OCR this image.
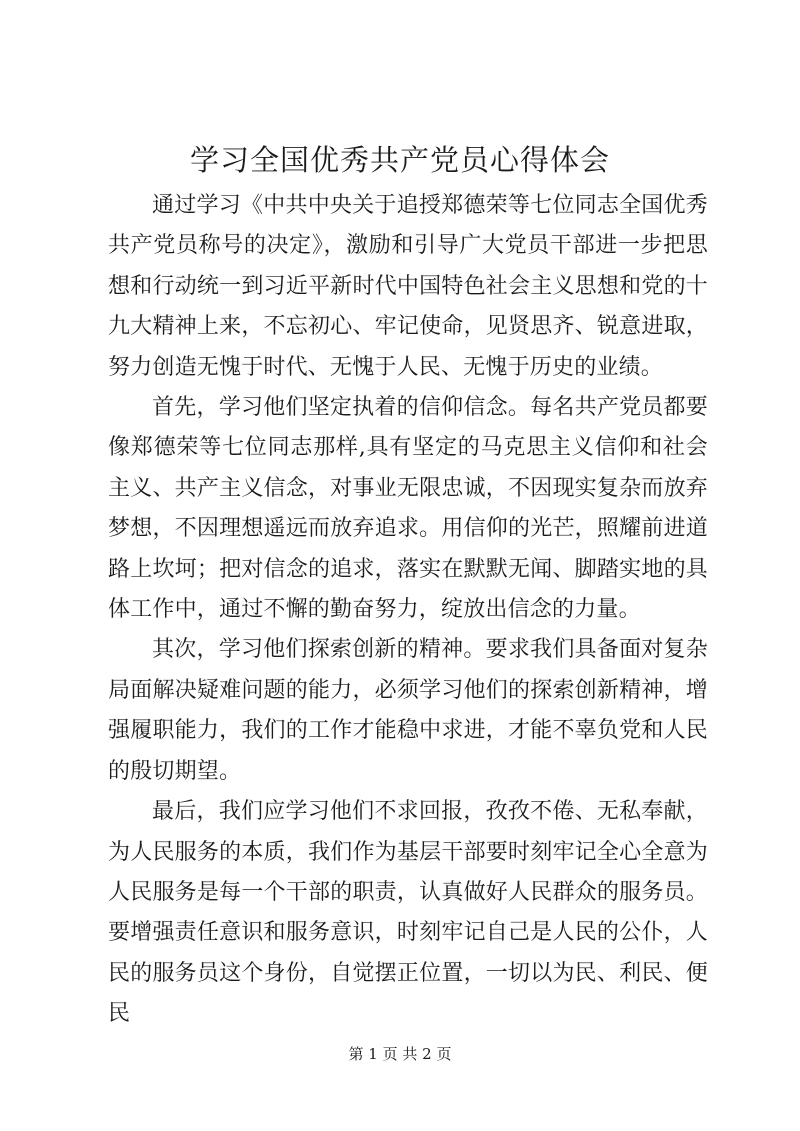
学习全国优秀共产党员心得体会

通过学习《中共中央关于追授郑德荣等七位同志全国优秀共产党员称号的决定》，激励和引导广大党员干部进一步把思想和行动统一到习近平新时代中国特色社会主义思想和党的十九大精神上来，不忘初心、牢记使命，见贤思齐、锐意进取，努力创造无愧于时代、无愧于人民、无愧于历史的业绩。

首先，学习他们坚定执着的信仰信念。每名共产党员都要像郑德荣等七位同志那样,具有坚定的马克思主义信仰和社会主义、共产主义信念，对事业无限忠诚，不因现实复杂而放弃梦想，不因理想遥远而放弃追求。用信仰的光芒，照耀前进道路上坎坷；把对信念的追求，落实在默默无闻、脚踏实地的具体工作中，通过不懈的勤奋努力，绽放出信念的力量。

其次，学习他们探索创新的精神。要求我们具备面对复杂局面解决疑难问题的能力，必须学习他们的探索创新精神，增强履职能力，我们的工作才能稳中求进，才能不辜负党和人民的殷切期望。

最后，我们应学习他们不求回报，孜孜不倦、无私奉献，为人民服务的本质，我们作为基层干部要时刻牢记全心全意为人民服务是每一个干部的职责，认真做好人民群众的服务员。要增强责任意识和服务意识，时刻牢记自己是人民的公仆，人民的服务员这个身份，自觉摆正位置，一切以为民、利民、便民

第 1 页 共 2 页
